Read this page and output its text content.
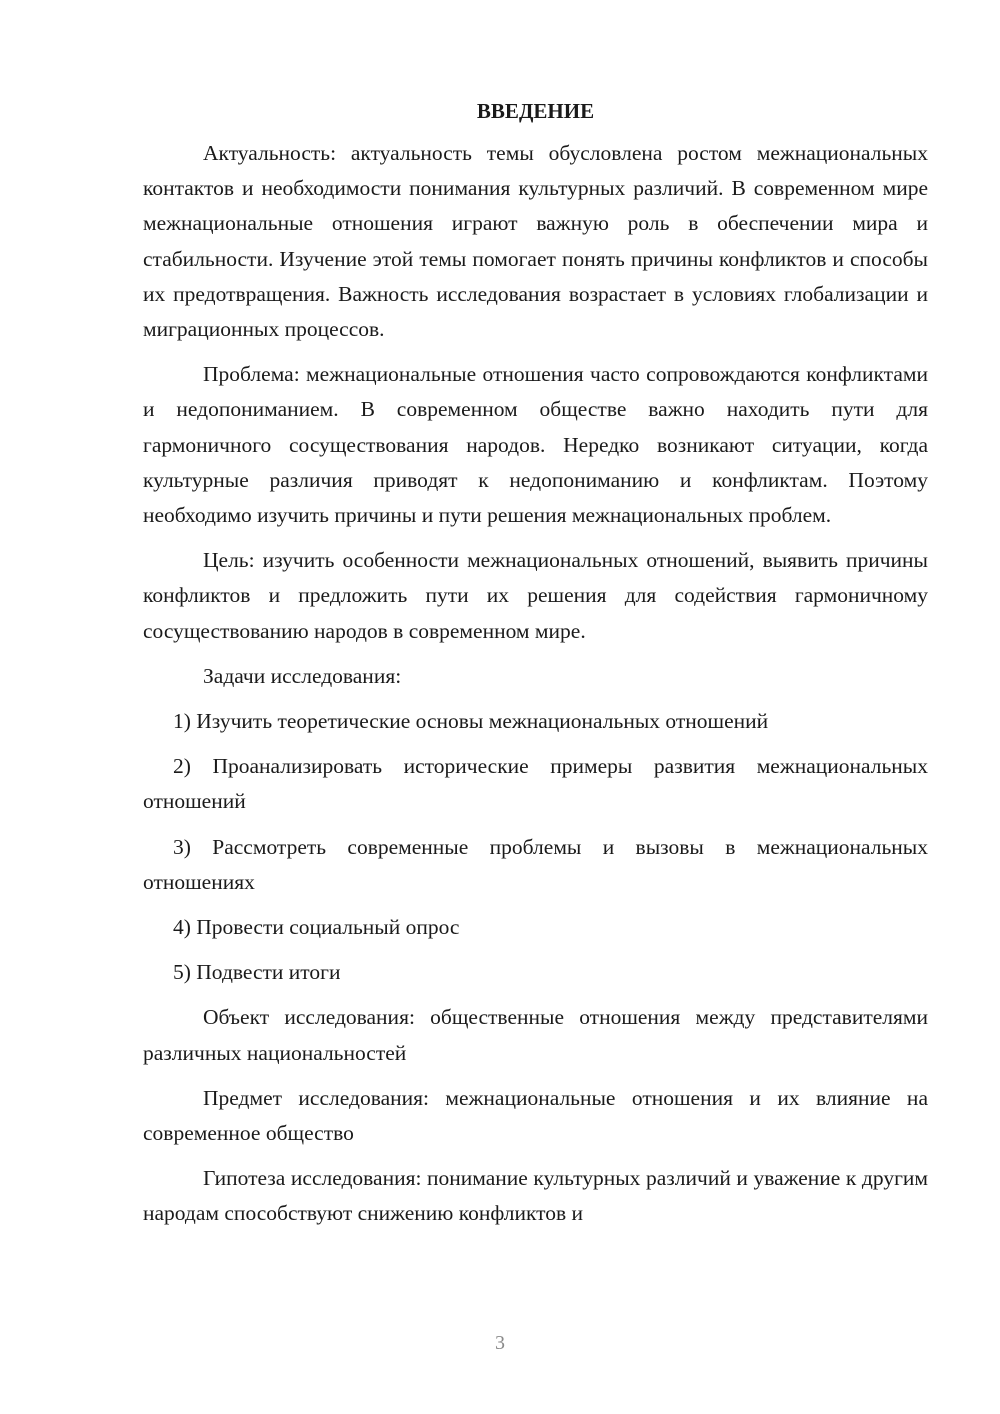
ВВЕДЕНИЕ

Актуальность: актуальность темы обусловлена ростом межнациональных контактов и необходимости понимания культурных различий. В современном мире межнациональные отношения играют важную роль в обеспечении мира и стабильности. Изучение этой темы помогает понять причины конфликтов и способы их предотвращения. Важность исследования возрастает в условиях глобализации и миграционных процессов.

Проблема: межнациональные отношения часто сопровождаются конфликтами и недопониманием. В современном обществе важно находить пути для гармоничного сосуществования народов. Нередко возникают ситуации, когда культурные различия приводят к недопониманию и конфликтам. Поэтому необходимо изучить причины и пути решения межнациональных проблем.

Цель: изучить особенности межнациональных отношений, выявить причины конфликтов и предложить пути их решения для содействия гармоничному сосуществованию народов в современном мире.

Задачи исследования:

1) Изучить теоретические основы межнациональных отношений

2) Проанализировать исторические примеры развития межнациональных отношений

3) Рассмотреть современные проблемы и вызовы в межнациональных отношениях

4) Провести социальный опрос

5) Подвести итоги

Объект исследования: общественные отношения между представителями различных национальностей

Предмет исследования: межнациональные отношения и их влияние на современное общество

Гипотеза исследования: понимание культурных различий и уважение к другим народам способствуют снижению конфликтов и

3
